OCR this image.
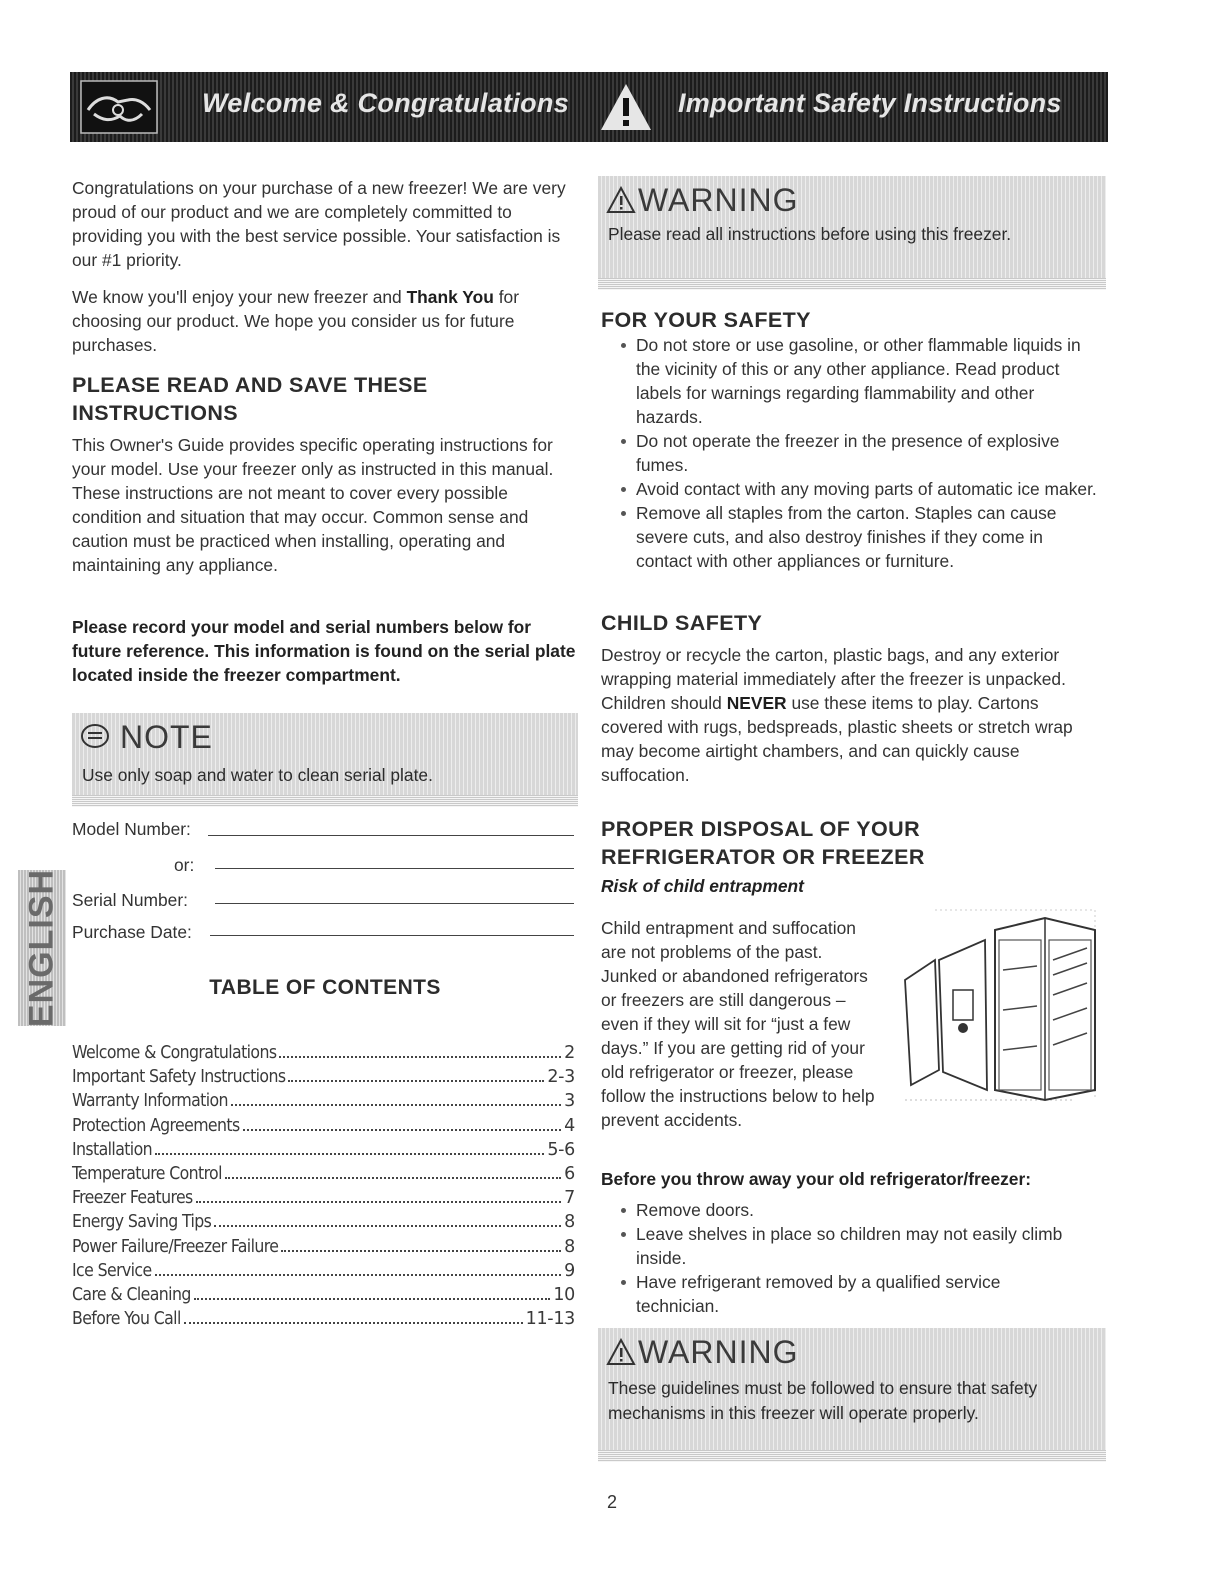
Welcome & Congratulations	Important Safety Instructions

Congratulations on your purchase of a new freezer! We are very proud of our product and we are completely committed to providing you with the best service possible. Your satisfaction is our #1 priority.

We know you'll enjoy your new freezer and Thank You for choosing our product. We hope you consider us for future purchases.

PLEASE READ AND SAVE THESE
INSTRUCTIONS

This Owner's Guide provides specific operating instructions for your model. Use your freezer only as instructed in this manual. These instructions are not meant to cover every possible condition and situation that may occur. Common sense and caution must be practiced when installing, operating and maintaining any appliance.

Please record your model and serial numbers below for future reference. This information is found on the serial plate located inside the freezer compartment.

NOTE
Use only soap and water to clean serial plate.
Model Number:
or:
Serial Number:
Purchase Date:
ENGLISH	TABLE OF CONTENTS
Welcome & Congratulations	2
Important Safety Instructions	2-3
Warranty Information	3
Protection Agreements	4
Installation	5-6
Temperature Control	6
Freezer Features	7
Energy Saving Tips	8
Power Failure/Freezer Failure	8
Ice Service	9
Care & Cleaning	10
Before You Call	11-13
WARNING
Please read all instructions before using this freezer.
FOR YOUR SAFETY
Do not store or use gasoline, or other flammable liquids in the vicinity of this or any other appliance. Read product labels for warnings regarding flammability and other hazards.
Do not operate the freezer in the presence of explosive fumes.
Avoid contact with any moving parts of automatic ice maker.
Remove all staples from the carton. Staples can cause severe cuts, and also destroy finishes if they come in contact with other appliances or furniture.
CHILD SAFETY

Destroy or recycle the carton, plastic bags, and any exterior wrapping material immediately after the freezer is unpacked. Children should NEVER use these items to play. Cartons covered with rugs, bedspreads, plastic sheets or stretch wrap may become airtight chambers, and can quickly cause suffocation.

PROPER DISPOSAL OF YOUR
REFRIGERATOR OR FREEZER
Risk of child entrapment

Child entrapment and suffocation are not problems of the past. Junked or abandoned refrigerators or freezers are still dangerous – even if they will sit for “just a few days.” If you are getting rid of your old refrigerator or freezer, please follow the instructions below to help prevent accidents.

Before you throw away your old refrigerator/freezer:
Remove doors.
Leave shelves in place so children may not easily climb inside.
Have refrigerant removed by a qualified service technician.
WARNING
These guidelines must be followed to ensure that safety mechanisms in this freezer will operate properly.
2
